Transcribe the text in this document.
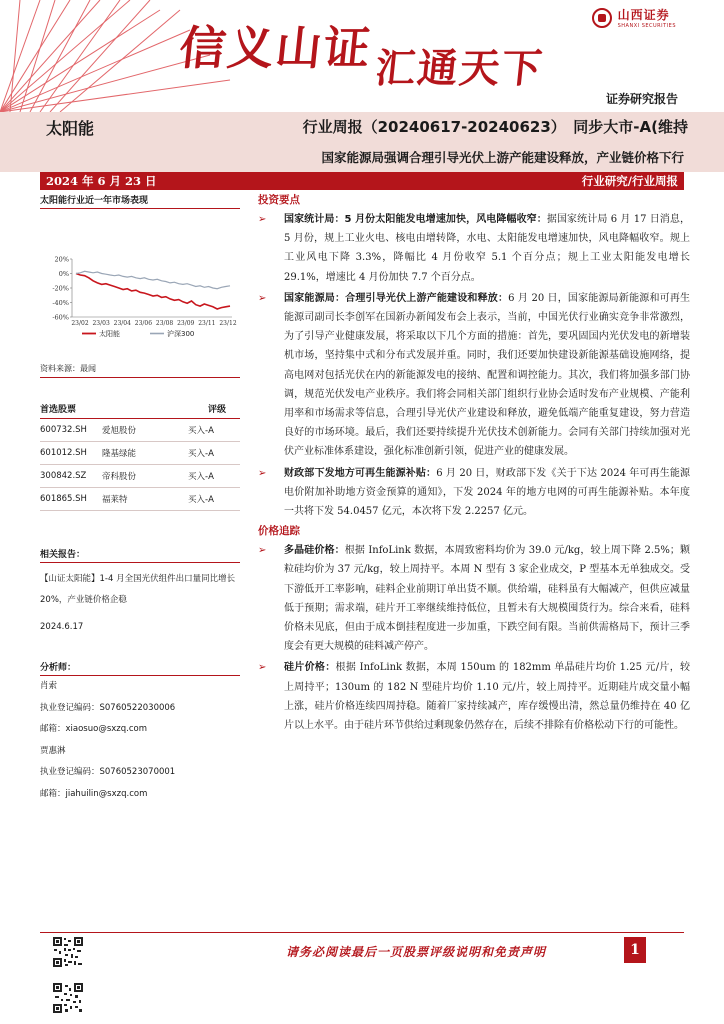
信义山证汇通天下
山西证券
SHANXI SECURITIES
证券研究报告
太阳能	行业周报（20240617-20240623）　同步大市-A(维持
国家能源局强调合理引导光伏上游产能建设释放，产业链价格下行
2024 年 6 月 23 日	行业研究/行业周报
太阳能行业近一年市场表现
20%
0%
-20%
-40%
-60%
23/02 23/03 23/04 23/06 23/08 23/09 23/11 23/12
太阳能	沪深300
资料来源：最闻
首选股票	评级
600732.SH	爱旭股份	买入-A
601012.SH	隆基绿能	买入-A
300842.SZ	帝科股份	买入-A
601865.SH	福莱特	买入-A
相关报告：
【山证太阳能】1-4 月全国光伏组件出口量同比增长 20%，产业链价格企稳
2024.6.17
分析师：
肖索
执业登记编码：S0760522030006
邮箱：xiaosuo@sxzq.com
贾惠淋
执业登记编码：S0760523070001
邮箱：jiahuilin@sxzq.com
投资要点
➢ 国家统计局：5 月份太阳能发电增速加快，风电降幅收窄：据国家统计局 6 月 17 日消息，5 月份，规上工业火电、核电由增转降，水电、太阳能发电增速加快，风电降幅收窄。规上工业风电下降 3.3%，降幅比 4 月份收窄 5.1 个百分点；规上工业太阳能发电增长 29.1%，增速比 4 月份加快 7.7 个百分点。
➢ 国家能源局：合理引导光伏上游产能建设和释放：6 月 20 日，国家能源局新能源和可再生能源司副司长李创军在国新办新闻发布会上表示，当前，中国光伏行业确实竞争非常激烈，为了引导产业健康发展，将采取以下几个方面的措施：首先，要巩固国内光伏发电的新增装机市场，坚持集中式和分布式发展并重。同时，我们还要加快建设新能源基础设施网络，提高电网对包括光伏在内的新能源发电的接纳、配置和调控能力。其次，我们将加强多部门协调，规范光伏发电产业秩序。我们将会同相关部门组织行业协会适时发布产业规模、产能利用率和市场需求等信息，合理引导光伏产业建设和释放，避免低端产能重复建设，努力营造良好的市场环境。最后，我们还要持续提升光伏技术创新能力。会同有关部门持续加强对光伏产业标准体系建设，强化标准创新引领，促进产业的健康发展。
➢ 财政部下发地方可再生能源补贴：6 月 20 日，财政部下发《关于下达 2024 年可再生能源电价附加补助地方资金预算的通知》，下发 2024 年的地方电网的可再生能源补贴。本年度一共将下发 54.0457 亿元，本次将下发 2.2257 亿元。
价格追踪
➢ 多晶硅价格：根据 InfoLink 数据，本周致密料均价为 39.0 元/kg，较上周下降 2.5%；颗粒硅均价为 37 元/kg，较上周持平。本周 N 型有 3 家企业成交，P 型基本无单独成交。受下游低开工率影响，硅料企业前期订单出货不顺。供给端，硅料虽有大幅减产，但供应减量低于预期；需求端，硅片开工率继续维持低位，且暂未有大规模囤货行为。综合来看，硅料价格未见底，但由于成本倒挂程度进一步加重，下跌空间有限。当前供需格局下，预计三季度会有更大规模的硅料减产停产。
➢ 硅片价格：根据 InfoLink 数据，本周 150um 的 182mm 单晶硅片均价 1.25 元/片，较上周持平；130um 的 182 N 型硅片均价 1.10 元/片，较上周持平。近期硅片成交量小幅上涨，硅片价格连续四周持稳。随着厂家持续减产，库存缓慢出清，然总量仍维持在 40 亿片以上水平。由于硅片环节供给过剩现象仍然存在，后续不排除有价格松动下行的可能性。
请务必阅读最后一页股票评级说明和免责声明	1
